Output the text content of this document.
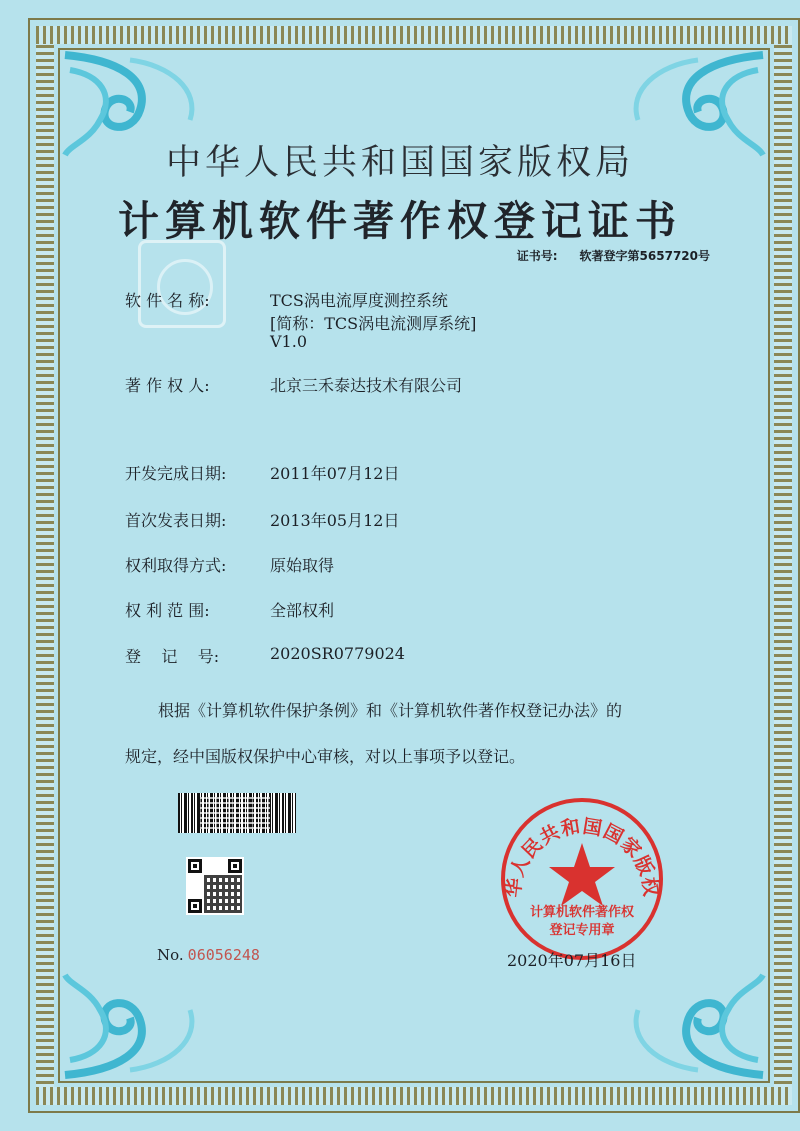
中华人民共和国国家版权局
计算机软件著作权登记证书
证书号: 软著登字第5657720号
软 件 名 称:	TCS涡电流厚度测控系统
[简称：TCS涡电流测厚系统]
V1.0
著 作 权 人:	北京三禾泰达技术有限公司
开发完成日期:	2011年07月12日
首次发表日期:	2013年05月12日
权利取得方式:	原始取得
权 利 范 围:	全部权利
登    记    号:	2020SR0779024
根据《计算机软件保护条例》和《计算机软件著作权登记办法》的
规定，经中国版权保护中心审核，对以上事项予以登记。
No. 06056248
华人民共和国国家版权
计算机软件著作权
登记专用章
2020年07月16日
